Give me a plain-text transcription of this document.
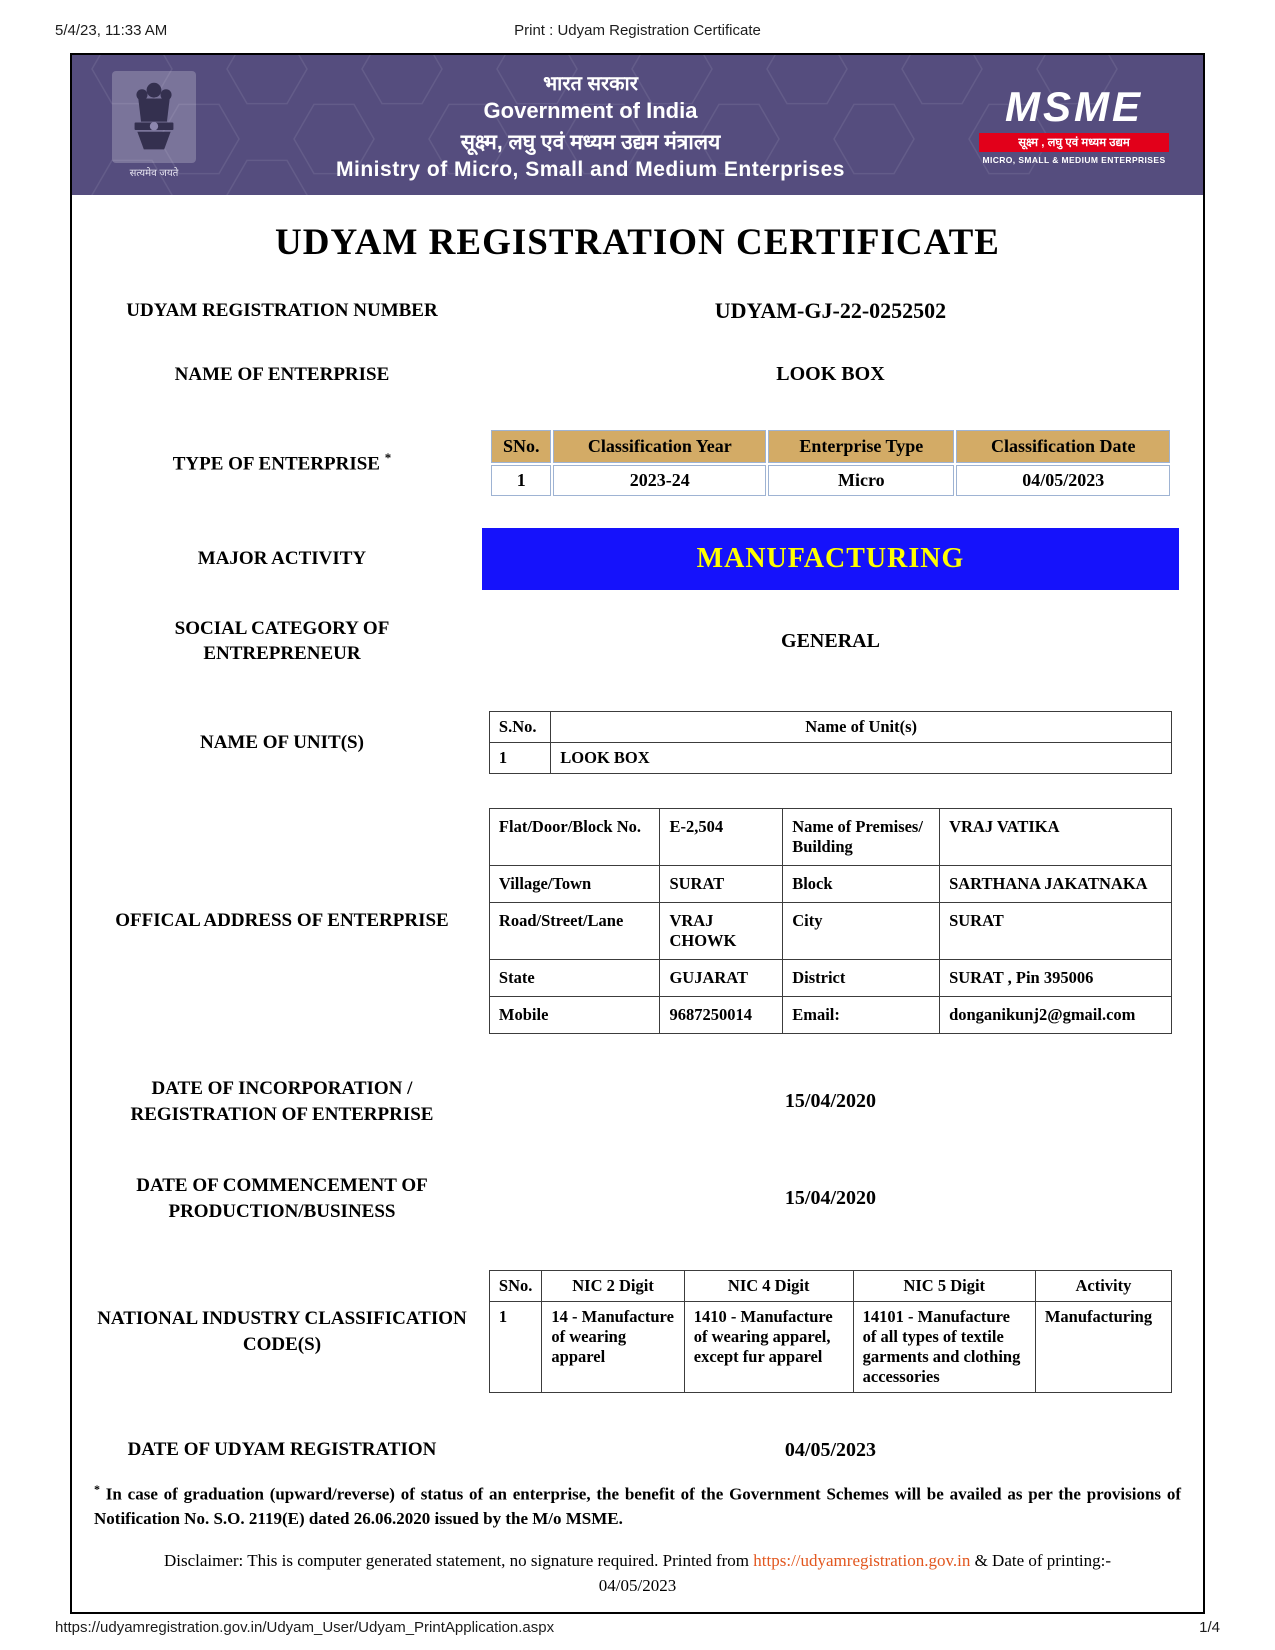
5/4/23, 11:33 AM	Print : Udyam Registration Certificate
सत्यमेव जयते
भारत सरकार
Government of India
सूक्ष्म, लघु एवं मध्यम उद्यम मंत्रालय
Ministry of Micro, Small and Medium Enterprises
MSME
सूक्ष्म , लघु एवं मध्यम उद्यम
MICRO, SMALL & MEDIUM ENTERPRISES
UDYAM REGISTRATION CERTIFICATE
UDYAM REGISTRATION NUMBER	UDYAM-GJ-22-0252502
NAME OF ENTERPRISE	LOOK BOX
TYPE OF ENTERPRISE *
SNo.	Classification Year	Enterprise Type	Classification Date
1	2023-24	Micro	04/05/2023
MAJOR ACTIVITY	MANUFACTURING
SOCIAL CATEGORY OF ENTREPRENEUR
GENERAL
NAME OF UNIT(S)
S.No.	Name of Unit(s)
1	LOOK BOX
OFFICAL ADDRESS OF ENTERPRISE
Flat/Door/Block No.	E-2,504	Name of Premises/ Building	VRAJ VATIKA
Village/Town	SURAT	Block	SARTHANA JAKATNAKA
Road/Street/Lane	VRAJ CHOWK	City	SURAT
State	GUJARAT	District	SURAT , Pin 395006
Mobile	9687250014	Email:	donganikunj2@gmail.com
DATE OF INCORPORATION / REGISTRATION OF ENTERPRISE
15/04/2020
DATE OF COMMENCEMENT OF PRODUCTION/BUSINESS
15/04/2020
NATIONAL INDUSTRY CLASSIFICATION CODE(S)
SNo.	NIC 2 Digit	NIC 4 Digit	NIC 5 Digit	Activity
1	14 - Manufacture of wearing apparel	1410 - Manufacture of wearing apparel, except fur apparel	14101 - Manufacture of all types of textile garments and clothing accessories	Manufacturing
DATE OF UDYAM REGISTRATION	04/05/2023
* In case of graduation (upward/reverse) of status of an enterprise, the benefit of the Government Schemes will be availed as per the provisions of Notification No. S.O. 2119(E) dated 26.06.2020 issued by the M/o MSME.
Disclaimer: This is computer generated statement, no signature required. Printed from https://udyamregistration.gov.in & Date of printing:-
04/05/2023
https://udyamregistration.gov.in/Udyam_User/Udyam_PrintApplication.aspx	1/4
